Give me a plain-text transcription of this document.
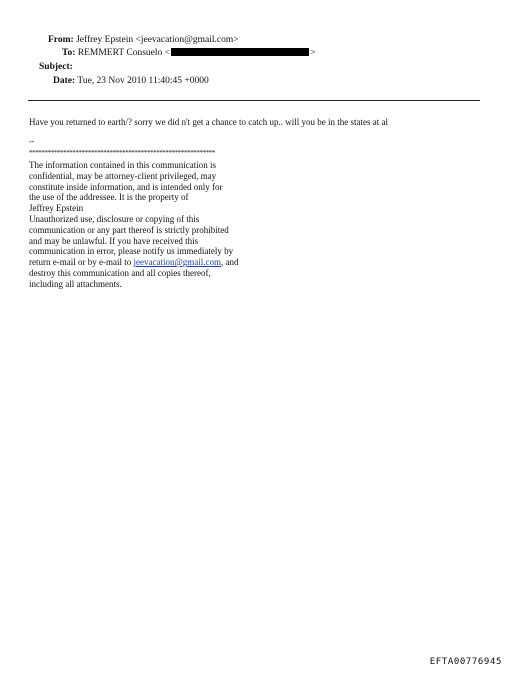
From: Jeffrey Epstein <jeevacation@gmail.com>
To: REMMERT Consuelo <	>
Subject:
Date: Tue, 23 Nov 2010 11:40:45 +0000
Have you returned to earth/? sorry we did n't get a chance to catch up.. will you be in the states at al
--
************************************************************
The information contained in this communication is
confidential, may be attorney-client privileged, may
constitute inside information, and is intended only for
the use of the addressee. It is the property of
Jeffrey Epstein
Unauthorized use, disclosure or copying of this
communication or any part thereof is strictly prohibited
and may be unlawful. If you have received this
communication in error, please notify us immediately by
return e-mail or by e-mail to jeevacation@gmail.com, and
destroy this communication and all copies thereof,
including all attachments.
EFTA00776945
